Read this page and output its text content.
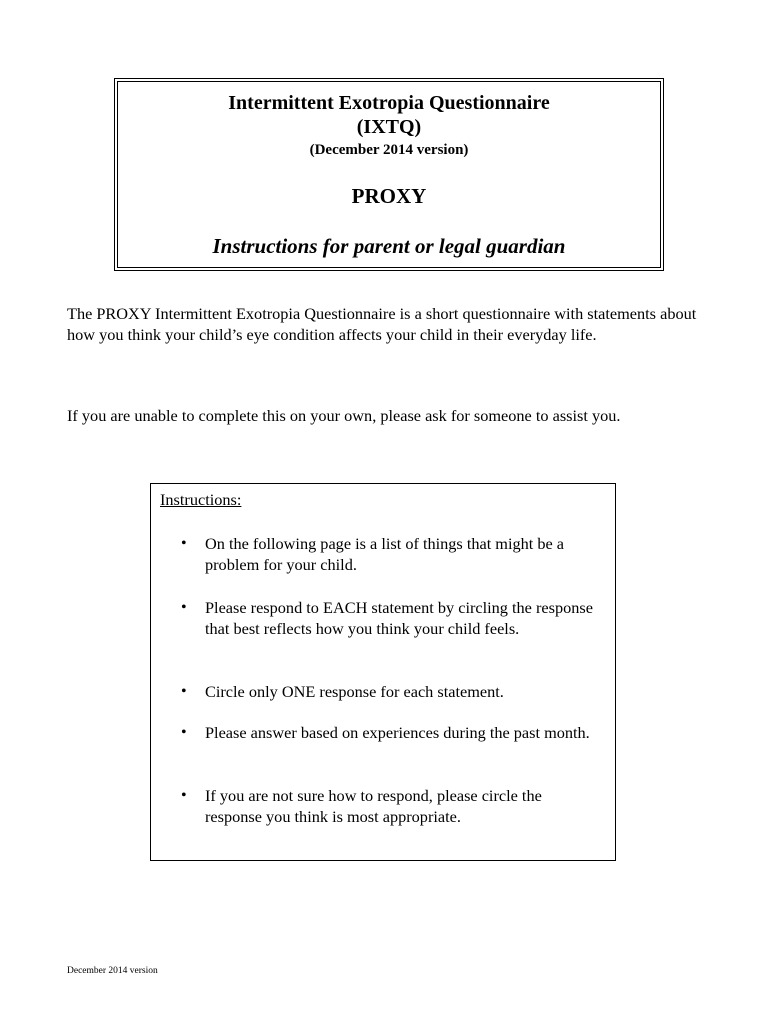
Intermittent Exotropia Questionnaire
(IXTQ)
(December 2014 version)
PROXY
Instructions for parent or legal guardian

The PROXY Intermittent Exotropia Questionnaire is a short questionnaire with statements about how you think your child’s eye condition affects your child in their everyday life.

If you are unable to complete this on your own, please ask for someone to assist you.

Instructions:
• On the following page is a list of things that might be a problem for your child.
• Please respond to EACH statement by circling the response that best reflects how you think your child feels.
• Circle only ONE response for each statement.
• Please answer based on experiences during the past month.
• If you are not sure how to respond, please circle the response you think is most appropriate.
December 2014 version
